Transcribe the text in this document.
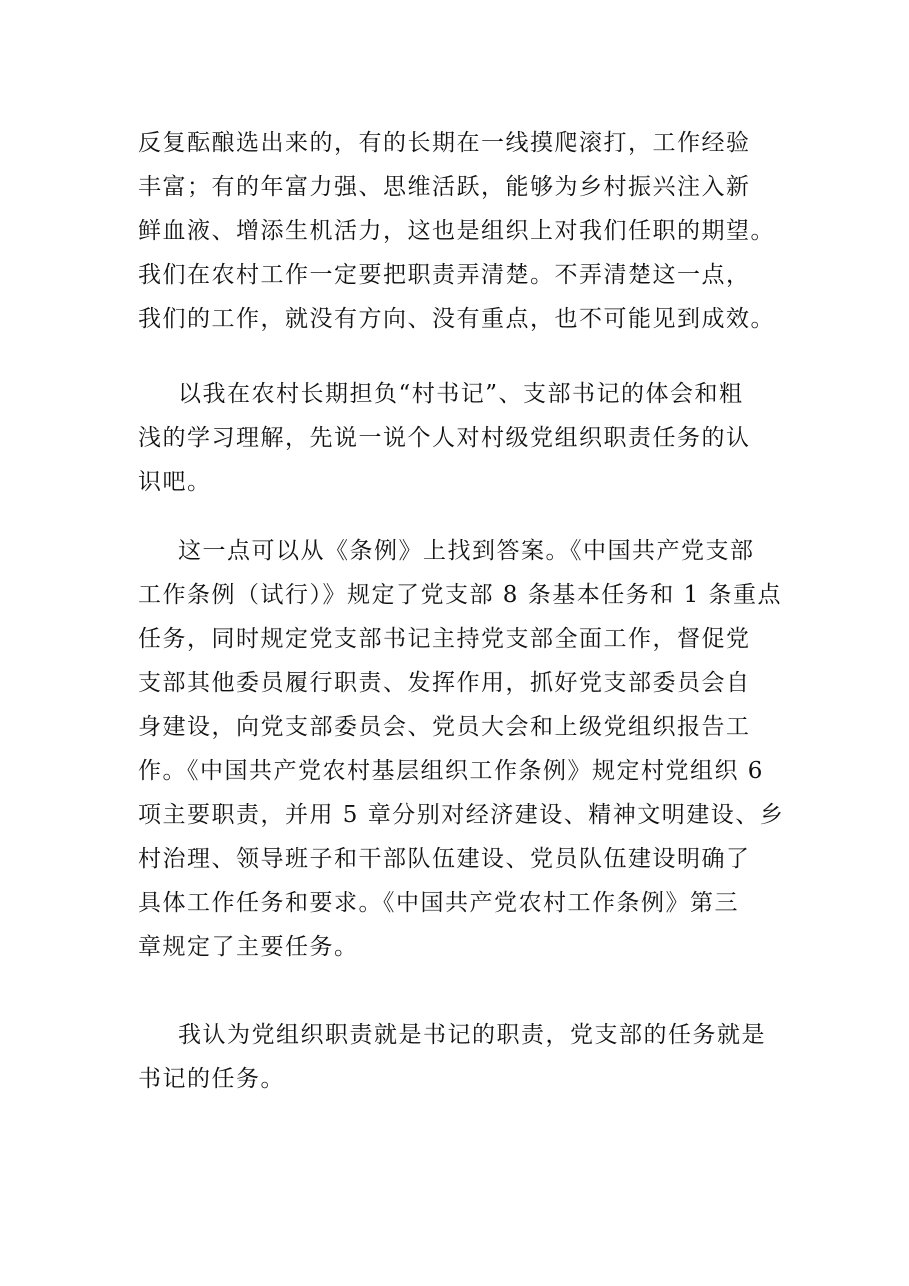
反复酝酿选出来的，有的长期在一线摸爬滚打，工作经验
丰富；有的年富力强、思维活跃，能够为乡村振兴注入新
鲜血液、增添生机活力，这也是组织上对我们任职的期望。
我们在农村工作一定要把职责弄清楚。不弄清楚这一点，
我们的工作，就没有方向、没有重点，也不可能见到成效。
以我在农村长期担负“村书记”、支部书记的体会和粗
浅的学习理解，先说一说个人对村级党组织职责任务的认
识吧。
这一点可以从《条例》上找到答案。《中国共产党支部
工作条例（试行）》规定了党支部 8 条基本任务和 1 条重点
任务，同时规定党支部书记主持党支部全面工作，督促党
支部其他委员履行职责、发挥作用，抓好党支部委员会自
身建设，向党支部委员会、党员大会和上级党组织报告工
作。《中国共产党农村基层组织工作条例》规定村党组织 6
项主要职责，并用 5 章分别对经济建设、精神文明建设、乡
村治理、领导班子和干部队伍建设、党员队伍建设明确了
具体工作任务和要求。《中国共产党农村工作条例》第三
章规定了主要任务。
我认为党组织职责就是书记的职责，党支部的任务就是
书记的任务。
